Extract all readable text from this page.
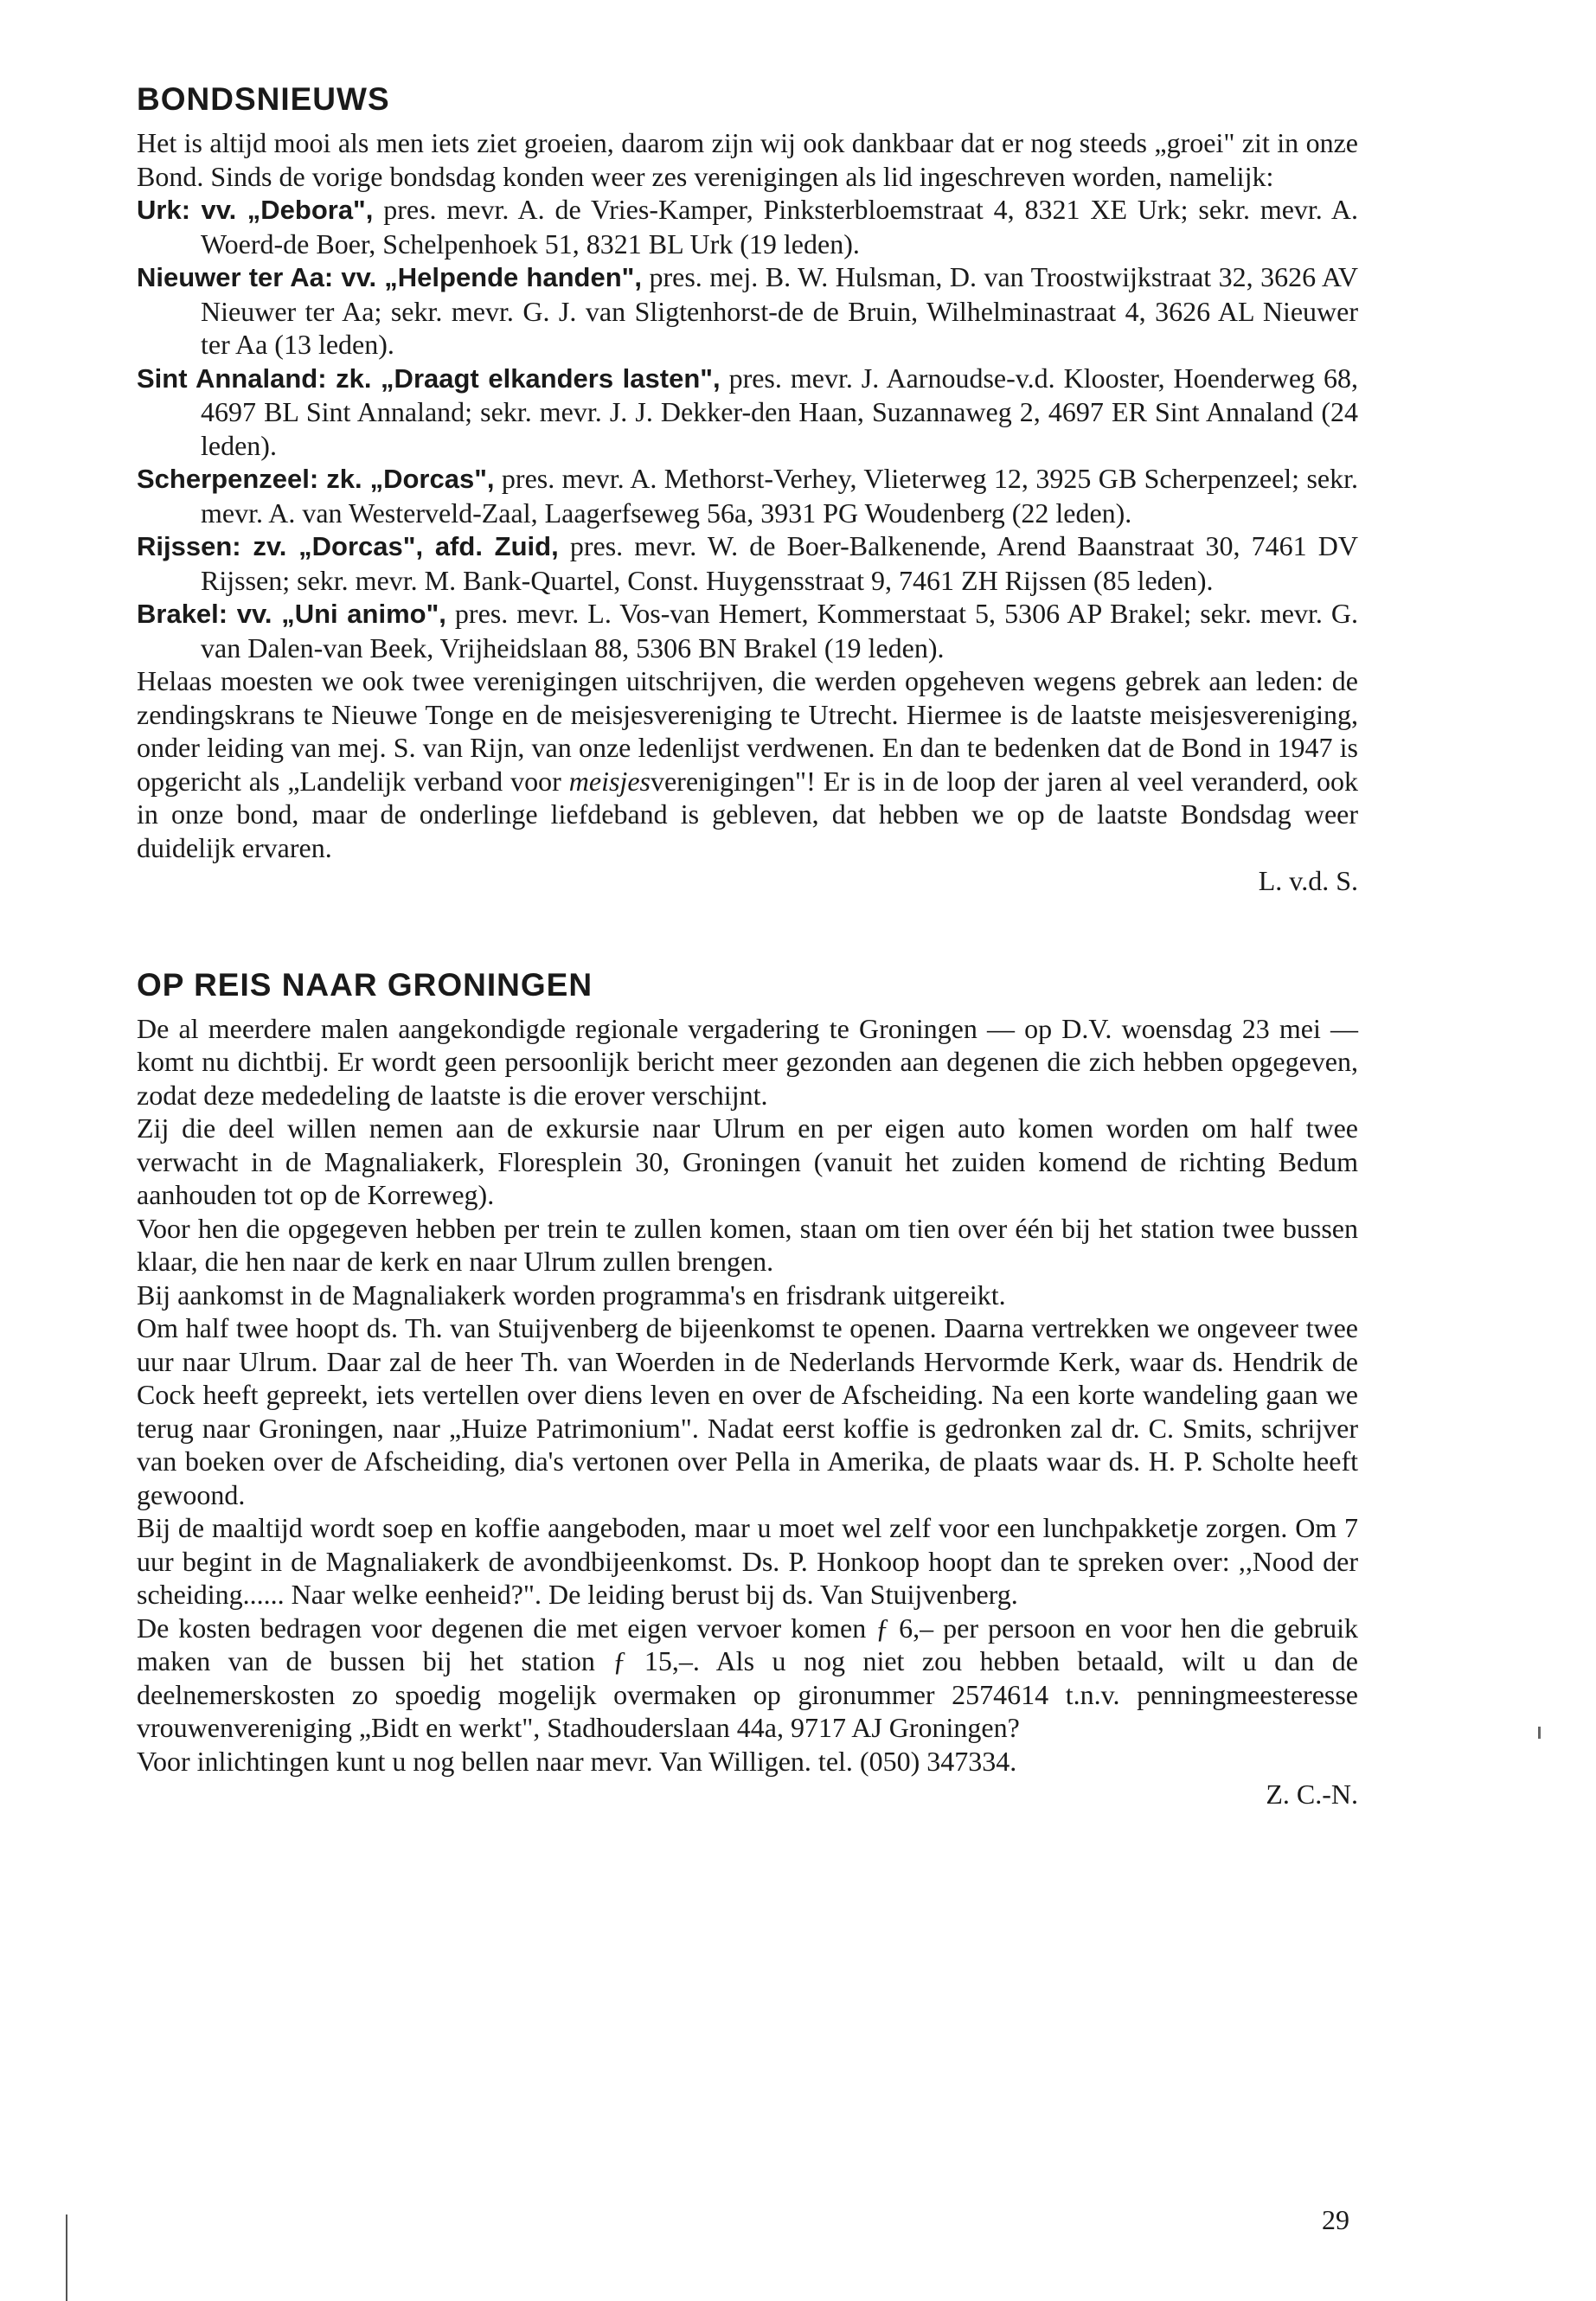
BONDSNIEUWS

Het is altijd mooi als men iets ziet groeien, daarom zijn wij ook dankbaar dat er nog steeds „groei" zit in onze Bond. Sinds de vorige bondsdag konden weer zes verenigingen als lid ingeschreven worden, namelijk:

Urk: vv. „Debora", pres. mevr. A. de Vries-Kamper, Pinksterbloemstraat 4, 8321 XE Urk; sekr. mevr. A. Woerd-de Boer, Schelpenhoek 51, 8321 BL Urk (19 leden).

Nieuwer ter Aa: vv. „Helpende handen", pres. mej. B. W. Hulsman, D. van Troostwijkstraat 32, 3626 AV Nieuwer ter Aa; sekr. mevr. G. J. van Sligtenhorst-de de Bruin, Wilhelminastraat 4, 3626 AL Nieuwer ter Aa (13 leden).

Sint Annaland: zk. „Draagt elkanders lasten", pres. mevr. J. Aarnoudse-v.d. Klooster, Hoenderweg 68, 4697 BL Sint Annaland; sekr. mevr. J. J. Dekker-den Haan, Suzannaweg 2, 4697 ER Sint Annaland (24 leden).

Scherpenzeel: zk. „Dorcas", pres. mevr. A. Methorst-Verhey, Vlieterweg 12, 3925 GB Scherpenzeel; sekr. mevr. A. van Westerveld-Zaal, Laagerfseweg 56a, 3931 PG Woudenberg (22 leden).

Rijssen: zv. „Dorcas", afd. Zuid, pres. mevr. W. de Boer-Balkenende, Arend Baanstraat 30, 7461 DV Rijssen; sekr. mevr. M. Bank-Quartel, Const. Huygensstraat 9, 7461 ZH Rijssen (85 leden).

Brakel: vv. „Uni animo", pres. mevr. L. Vos-van Hemert, Kommerstaat 5, 5306 AP Brakel; sekr. mevr. G. van Dalen-van Beek, Vrijheidslaan 88, 5306 BN Brakel (19 leden).

Helaas moesten we ook twee verenigingen uitschrijven, die werden opgeheven wegens gebrek aan leden: de zendingskrans te Nieuwe Tonge en de meisjesvereniging te Utrecht. Hiermee is de laatste meisjesvereniging, onder leiding van mej. S. van Rijn, van onze ledenlijst verdwenen. En dan te bedenken dat de Bond in 1947 is opgericht als „Landelijk verband voor meisjesverenigingen"! Er is in de loop der jaren al veel veranderd, ook in onze bond, maar de onderlinge liefdeband is gebleven, dat hebben we op de laatste Bondsdag weer duidelijk ervaren.

L. v.d. S.
OP REIS NAAR GRONINGEN

De al meerdere malen aangekondigde regionale vergadering te Groningen — op D.V. woensdag 23 mei — komt nu dichtbij. Er wordt geen persoonlijk bericht meer gezonden aan degenen die zich hebben opgegeven, zodat deze mededeling de laatste is die erover verschijnt.

Zij die deel willen nemen aan de exkursie naar Ulrum en per eigen auto komen worden om half twee verwacht in de Magnaliakerk, Floresplein 30, Groningen (vanuit het zuiden komend de richting Bedum aanhouden tot op de Korreweg).

Voor hen die opgegeven hebben per trein te zullen komen, staan om tien over één bij het station twee bussen klaar, die hen naar de kerk en naar Ulrum zullen brengen.

Bij aankomst in de Magnaliakerk worden programma's en frisdrank uitgereikt.

Om half twee hoopt ds. Th. van Stuijvenberg de bijeenkomst te openen. Daarna vertrekken we ongeveer twee uur naar Ulrum. Daar zal de heer Th. van Woerden in de Nederlands Hervormde Kerk, waar ds. Hendrik de Cock heeft gepreekt, iets vertellen over diens leven en over de Afscheiding. Na een korte wandeling gaan we terug naar Groningen, naar „Huize Patrimonium". Nadat eerst koffie is gedronken zal dr. C. Smits, schrijver van boeken over de Afscheiding, dia's vertonen over Pella in Amerika, de plaats waar ds. H. P. Scholte heeft gewoond.

Bij de maaltijd wordt soep en koffie aangeboden, maar u moet wel zelf voor een lunchpakketje zorgen. Om 7 uur begint in de Magnaliakerk de avondbijeenkomst. Ds. P. Honkoop hoopt dan te spreken over: ,,Nood der scheiding...... Naar welke eenheid?". De leiding berust bij ds. Van Stuijvenberg.

De kosten bedragen voor degenen die met eigen vervoer komen ƒ 6,– per persoon en voor hen die gebruik maken van de bussen bij het station ƒ 15,–. Als u nog niet zou hebben betaald, wilt u dan de deelnemerskosten zo spoedig mogelijk overmaken op gironummer 2574614 t.n.v. penningmeesteresse vrouwenvereniging „Bidt en werkt", Stadhouderslaan 44a, 9717 AJ Groningen?

Voor inlichtingen kunt u nog bellen naar mevr. Van Willigen. tel. (050) 347334.

Z. C.-N.
29
